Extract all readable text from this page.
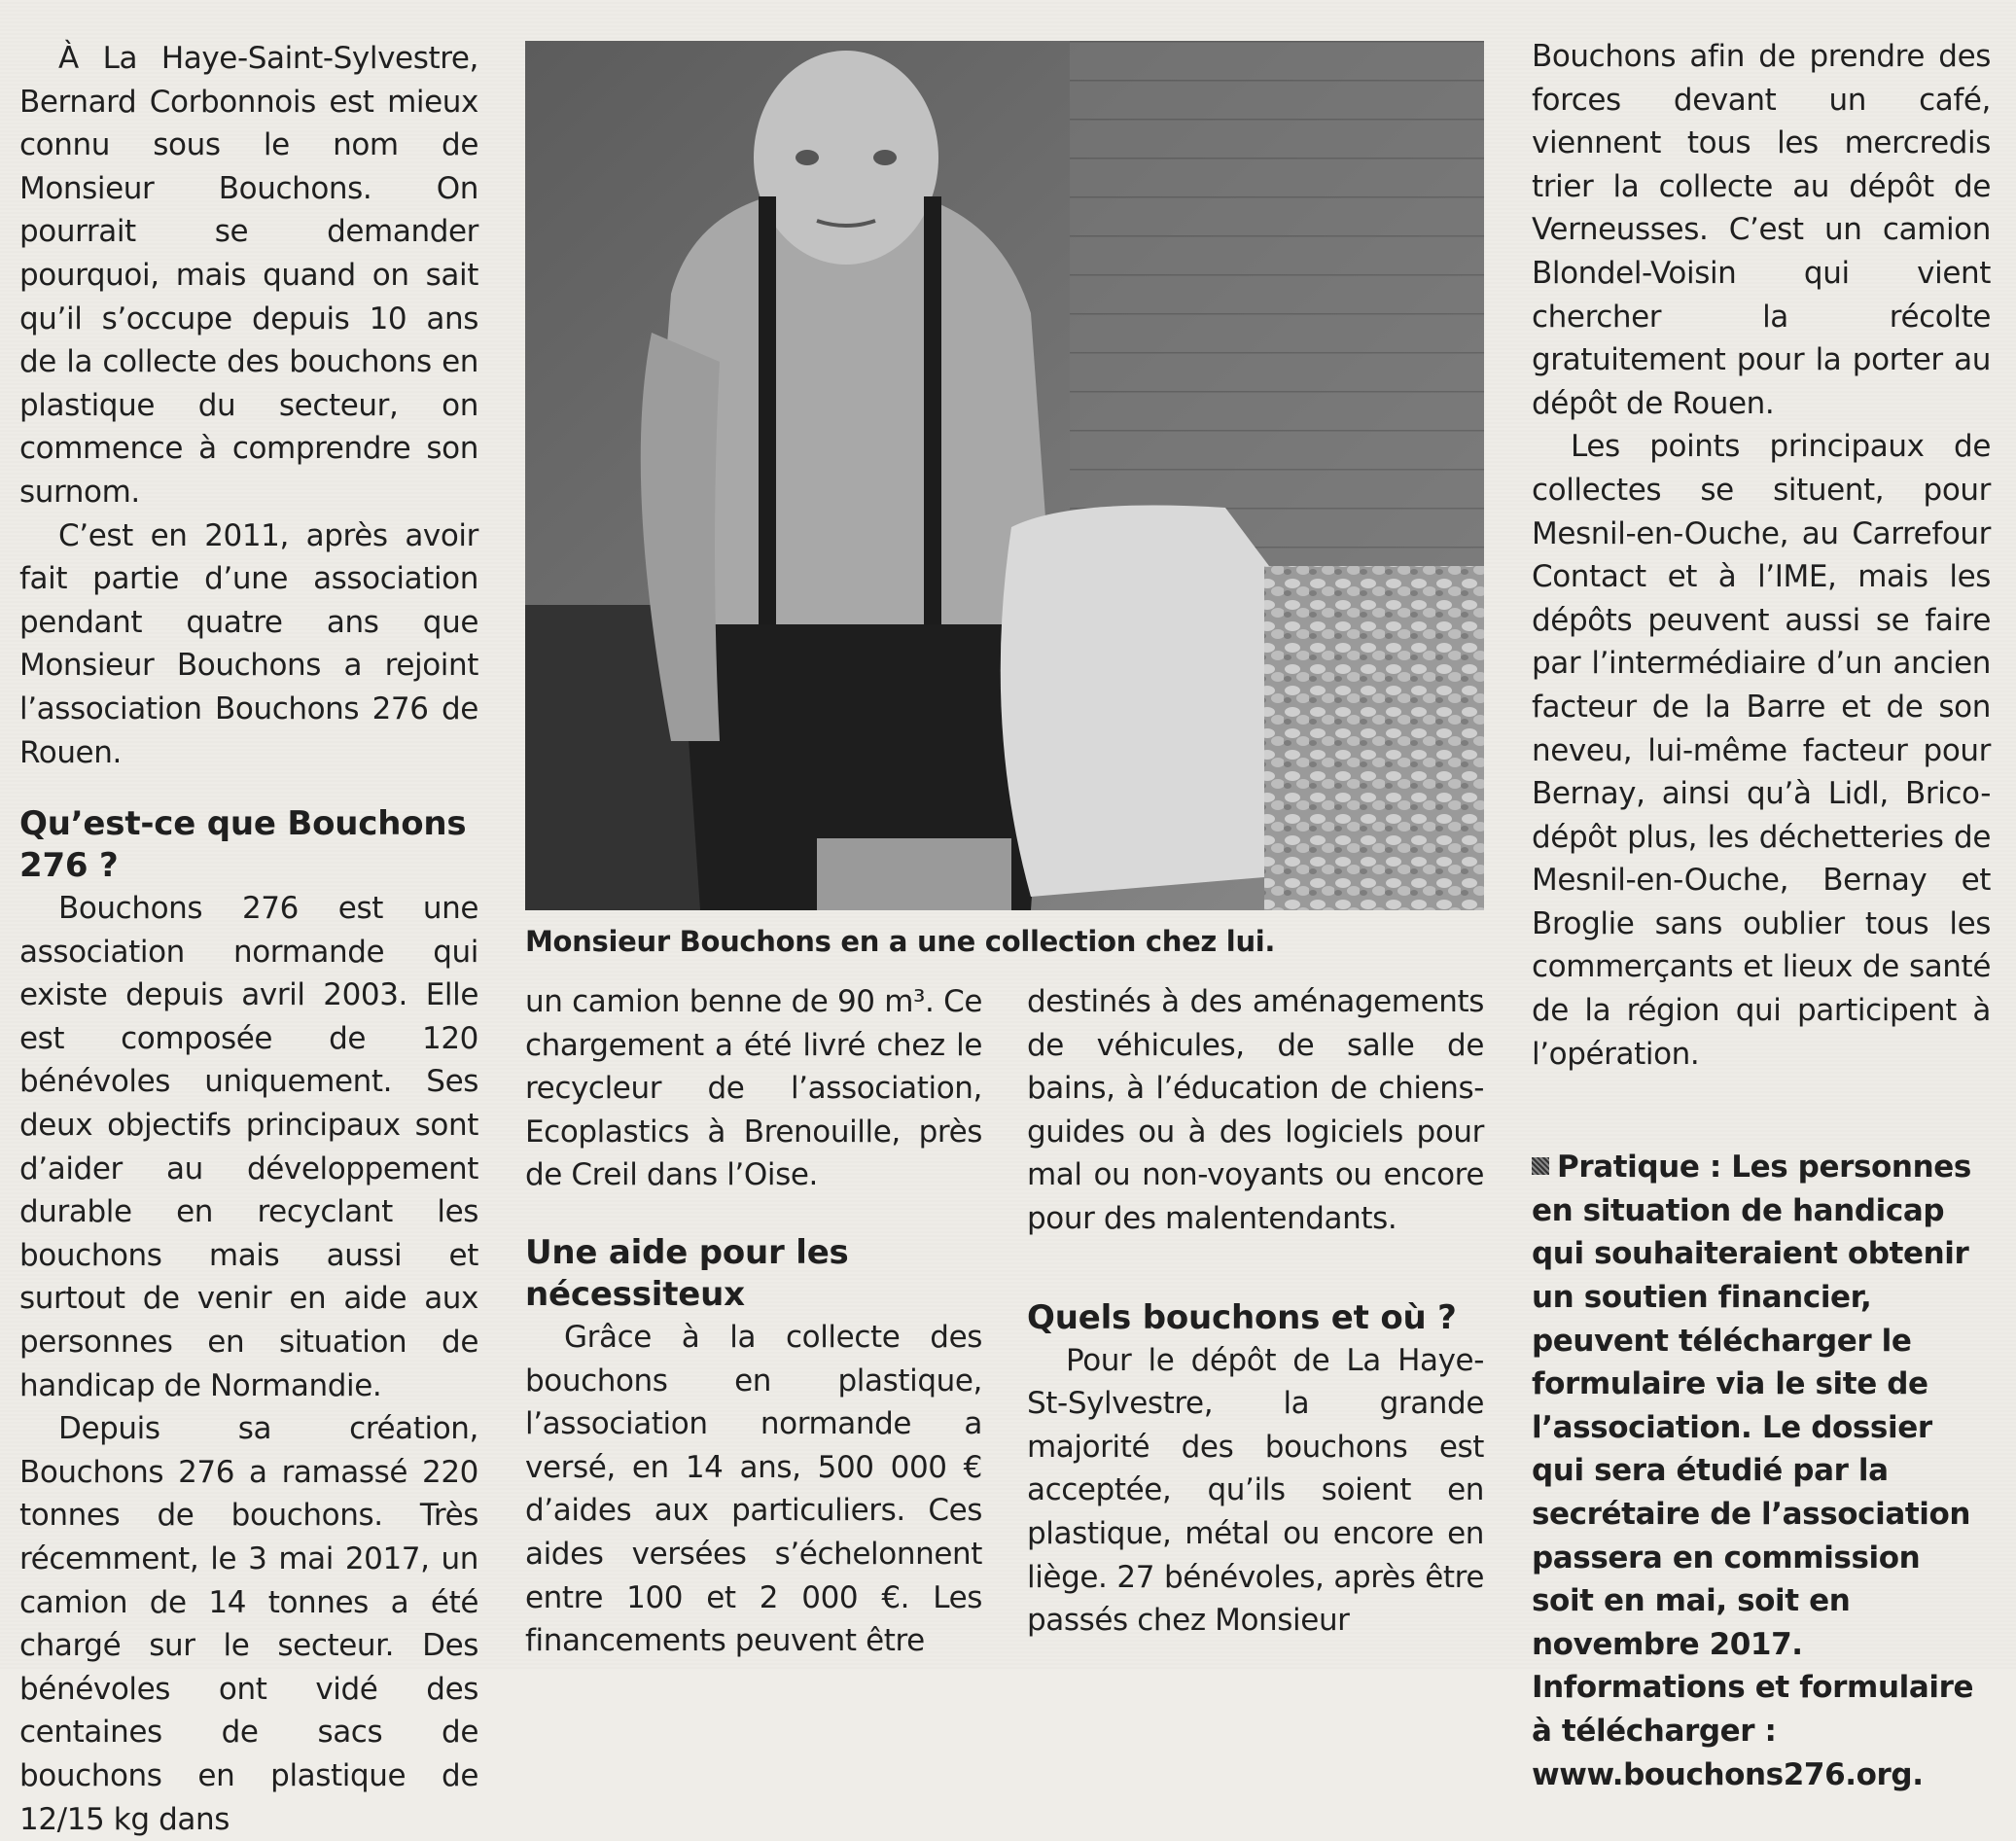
À La Haye-Saint-Sylvestre, Bernard Corbonnois est mieux connu sous le nom de Monsieur Bouchons. On pourrait se demander pourquoi, mais quand on sait qu’il s’occupe depuis 10 ans de la collecte des bouchons en plastique du secteur, on commence à comprendre son surnom.

C’est en 2011, après avoir fait partie d’une association pendant quatre ans que Monsieur Bouchons a rejoint l’association Bouchons 276 de Rouen.

Qu’est-ce que Bouchons 276 ?

Bouchons 276 est une association normande qui existe depuis avril 2003. Elle est composée de 120 bénévoles uniquement. Ses deux objectifs principaux sont d’aider au développement durable en recyclant les bouchons mais aussi et surtout de venir en aide aux personnes en situation de handicap de Normandie.

Depuis sa création, Bouchons 276 a ramassé 220 tonnes de bouchons. Très récemment, le 3 mai 2017, un camion de 14 tonnes a été chargé sur le secteur. Des bénévoles ont vidé des centaines de sacs de bouchons en plastique de 12/15 kg dans

Monsieur Bouchons en a une collection chez lui.

un camion benne de 90 m³. Ce chargement a été livré chez le recycleur de l’association, Ecoplastics à Brenouille, près de Creil dans l’Oise.

Une aide pour les nécessiteux

Grâce à la collecte des bouchons en plastique, l’association normande a versé, en 14 ans, 500 000 € d’aides aux particuliers. Ces aides versées s’échelonnent entre 100 et 2 000 €. Les financements peuvent être

destinés à des aménagements de véhicules, de salle de bains, à l’éducation de chiens-guides ou à des logiciels pour mal ou non-voyants ou encore pour des malentendants.

Quels bouchons et où ?

Pour le dépôt de La Haye-St-Sylvestre, la grande majorité des bouchons est acceptée, qu’ils soient en plastique, métal ou encore en liège. 27 bénévoles, après être passés chez Monsieur

Bouchons afin de prendre des forces devant un café, viennent tous les mercredis trier la collecte au dépôt de Verneusses. C’est un camion Blondel-Voisin qui vient chercher la récolte gratuitement pour la porter au dépôt de Rouen.

Les points principaux de collectes se situent, pour Mesnil-en-Ouche, au Carrefour Contact et à l’IME, mais les dépôts peuvent aussi se faire par l’intermédiaire d’un ancien facteur de la Barre et de son neveu, lui-même facteur pour Bernay, ainsi qu’à Lidl, Brico-dépôt plus, les déchetteries de Mesnil-en-Ouche, Bernay et Broglie sans oublier tous les commerçants et lieux de santé de la région qui participent à l’opération.

Pratique : Les personnes en situation de handicap qui souhaiteraient obtenir un soutien financier, peuvent télécharger le formulaire via le site de l’association. Le dossier qui sera étudié par la secrétaire de l’association passera en commission soit en mai, soit en novembre 2017. Informations et formulaire à télécharger : www.bouchons276.org.
